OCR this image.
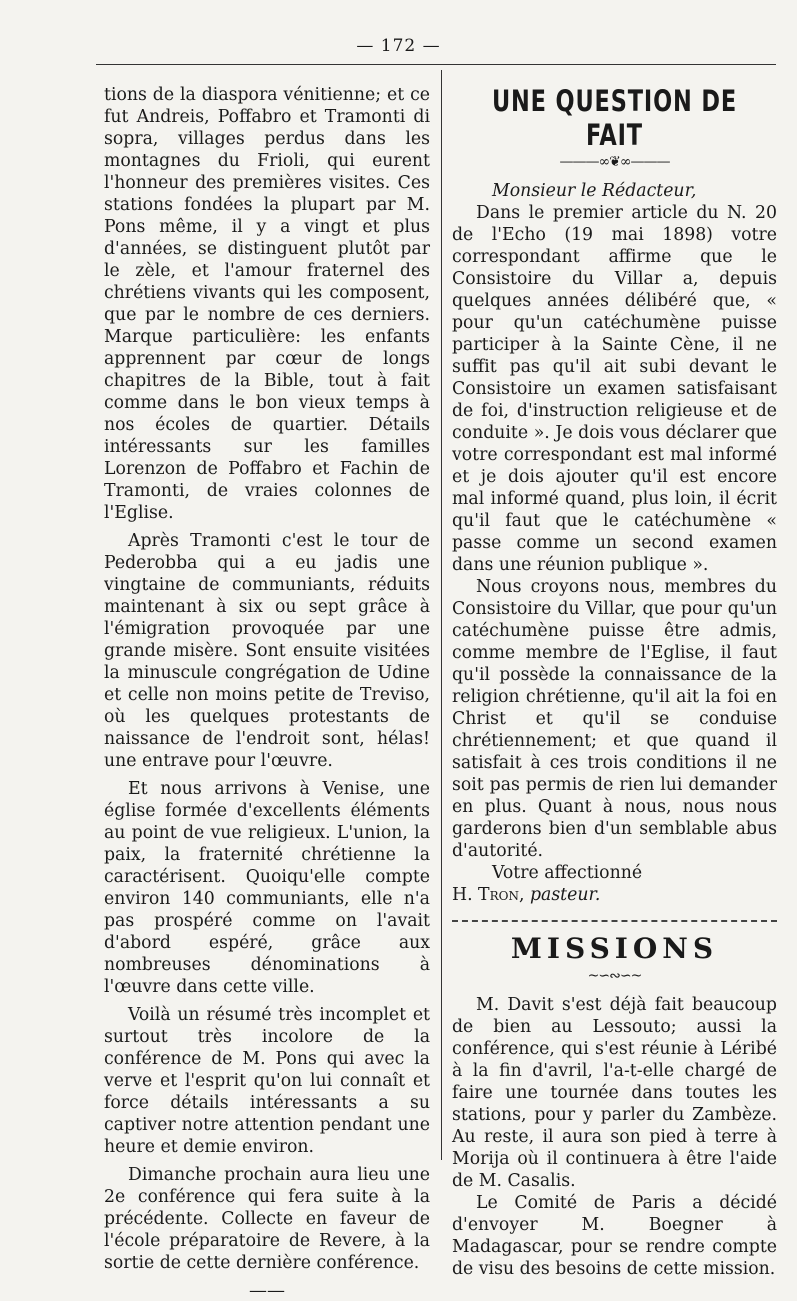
— 172 —

tions de la diaspora vénitienne; et ce fut Andreis, Poffabro et Tramonti di sopra, villages perdus dans les montagnes du Frioli, qui eurent l'honneur des premières visites. Ces stations fondées la plupart par M. Pons même, il y a vingt et plus d'années, se distinguent plutôt par le zèle, et l'amour fraternel des chrétiens vivants qui les composent, que par le nombre de ces derniers. Marque particulière: les enfants apprennent par cœur de longs chapitres de la Bible, tout à fait comme dans le bon vieux temps à nos écoles de quartier. Détails intéressants sur les familles Lorenzon de Poffabro et Fachin de Tramonti, de vraies colonnes de l'Eglise.

Après Tramonti c'est le tour de Pederobba qui a eu jadis une vingtaine de communiants, réduits maintenant à six ou sept grâce à l'émigration provoquée par une grande misère. Sont ensuite visitées la minuscule congrégation de Udine et celle non moins petite de Treviso, où les quelques protestants de naissance de l'endroit sont, hélas! une entrave pour l'œuvre.

Et nous arrivons à Venise, une église formée d'excellents éléments au point de vue religieux. L'union, la paix, la fraternité chrétienne la caractérisent. Quoiqu'elle compte environ 140 communiants, elle n'a pas prospéré comme on l'avait d'abord espéré, grâce aux nombreuses dénominations à l'œuvre dans cette ville.

Voilà un résumé très incomplet et surtout très incolore de la conférence de M. Pons qui avec la verve et l'esprit qu'on lui connaît et force détails intéressants a su captiver notre attention pendant une heure et demie environ.

Dimanche prochain aura lieu une 2e conférence qui fera suite à la précédente. Collecte en faveur de l'école préparatoire de Revere, à la sortie de cette dernière conférence.

——
UNE QUESTION DE FAIT
———∞❦∞———

Monsieur le Rédacteur,

Dans le premier article du N. 20 de l'Echo (19 mai 1898) votre correspondant affirme que le Consistoire du Villar a, depuis quelques années délibéré que, « pour qu'un catéchumène puisse participer à la Sainte Cène, il ne suffit pas qu'il ait subi devant le Consistoire un examen satisfaisant de foi, d'instruction religieuse et de conduite ». Je dois vous déclarer que votre correspondant est mal informé et je dois ajouter qu'il est encore mal informé quand, plus loin, il écrit qu'il faut que le catéchumène « passe comme un second examen dans une réunion publique ».

Nous croyons nous, membres du Consistoire du Villar, que pour qu'un catéchumène puisse être admis, comme membre de l'Eglise, il faut qu'il possède la connaissance de la religion chrétienne, qu'il ait la foi en Christ et qu'il se conduise chrétiennement; et que quand il satisfait à ces trois conditions il ne soit pas permis de rien lui demander en plus. Quant à nous, nous nous garderons bien d'un semblable abus d'autorité.

Votre affectionné

H. Tron, pasteur.

MISSIONS
~∽∾∽~

M. Davit s'est déjà fait beaucoup de bien au Lessouto; aussi la conférence, qui s'est réunie à Léribé à la fin d'avril, l'a-t-elle chargé de faire une tournée dans toutes les stations, pour y parler du Zambèze. Au reste, il aura son pied à terre à Morija où il continuera à être l'aide de M. Casalis.

Le Comité de Paris a décidé d'envoyer M. Boegner à Madagascar, pour se rendre compte de visu des besoins de cette mission.
